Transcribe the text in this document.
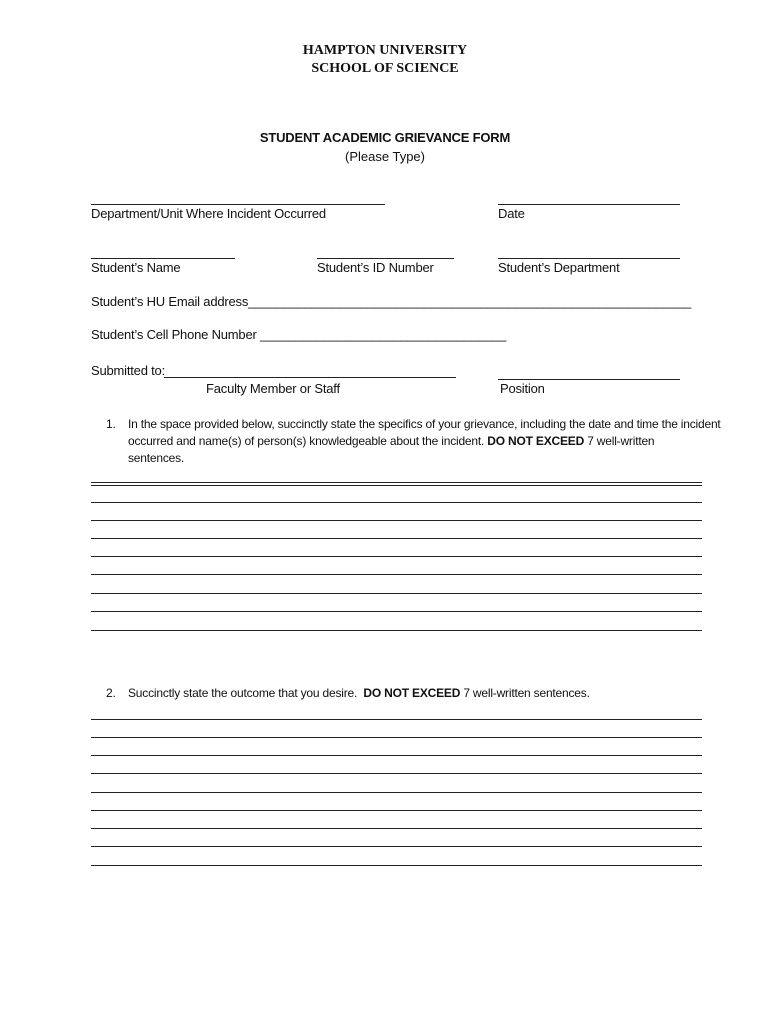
HAMPTON UNIVERSITY
SCHOOL OF SCIENCE
STUDENT ACADEMIC GRIEVANCE FORM
(Please Type)
Department/Unit Where Incident Occurred	Date
Student’s Name	Student’s ID Number	Student’s Department
Student’s HU Email address_______________________________________________________________
Student’s Cell Phone Number ___________________________________
Submitted to:
Faculty Member or Staff	Position
1. In the space provided below, succinctly state the specifics of your grievance, including the date and time the incident
occurred and name(s) of person(s) knowledgeable about the incident. DO NOT EXCEED 7 well-written
sentences.
2. Succinctly state the outcome that you desire. DO NOT EXCEED 7 well-written sentences.
